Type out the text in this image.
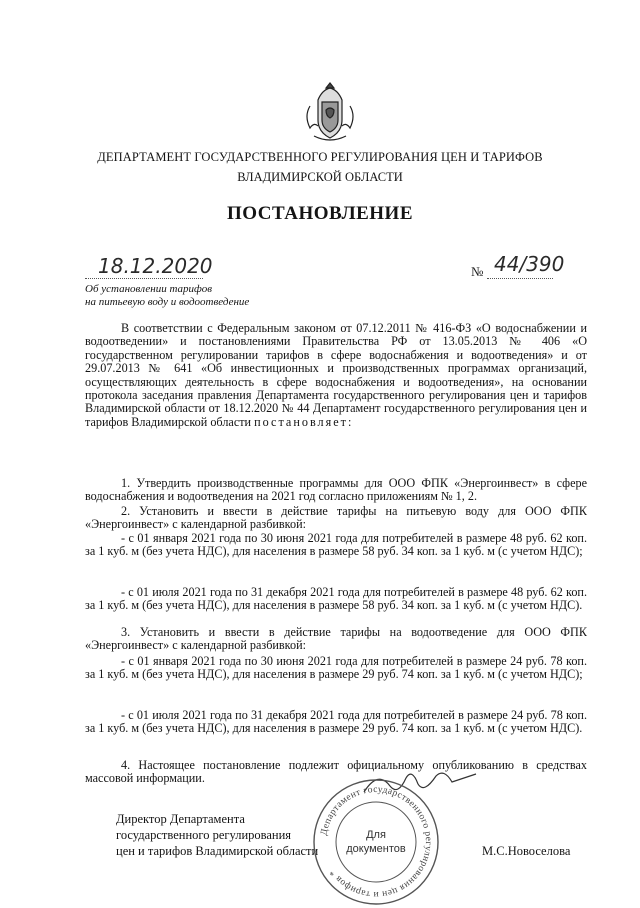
ДЕПАРТАМЕНТ ГОСУДАРСТВЕННОГО РЕГУЛИРОВАНИЯ ЦЕН И ТАРИФОВ
ВЛАДИМИРСКОЙ ОБЛАСТИ
ПОСТАНОВЛЕНИЕ
18.12.2020	№ 44/390
Об установлении тарифов
на питьевую воду и водоотведение
В соответствии с Федеральным законом от 07.12.2011 № 416-ФЗ «О водоснабжении и водоотведении» и постановлениями Правительства РФ от 13.05.2013 № 406 «О государственном регулировании тарифов в сфере водоснабжения и водоотведения» и от 29.07.2013 № 641 «Об инвестиционных и производственных программах организаций, осуществляющих деятельность в сфере водоснабжения и водоотведения», на основании протокола заседания правления Департамента государственного регулирования цен и тарифов Владимирской области от 18.12.2020 № 44 Департамент государственного регулирования цен и тарифов Владимирской области постановляет:
1. Утвердить производственные программы для ООО ФПК «Энергоинвест» в сфере водоснабжения и водоотведения на 2021 год согласно приложениям № 1, 2.
2. Установить и ввести в действие тарифы на питьевую воду для ООО ФПК «Энергоинвест» с календарной разбивкой:
- с 01 января 2021 года по 30 июня 2021 года для потребителей в размере 48 руб. 62 коп. за 1 куб. м (без учета НДС), для населения в размере 58 руб. 34 коп. за 1 куб. м (с учетом НДС);
- с 01 июля 2021 года по 31 декабря 2021 года для потребителей в размере 48 руб. 62 коп. за 1 куб. м (без учета НДС), для населения в размере 58 руб. 34 коп. за 1 куб. м (с учетом НДС).
3. Установить и ввести в действие тарифы на водоотведение для ООО ФПК «Энергоинвест» с календарной разбивкой:
- с 01 января 2021 года по 30 июня 2021 года для потребителей в размере 24 руб. 78 коп. за 1 куб. м (без учета НДС), для населения в размере 29 руб. 74 коп. за 1 куб. м (с учетом НДС);
- с 01 июля 2021 года по 31 декабря 2021 года для потребителей в размере 24 руб. 78 коп. за 1 куб. м (без учета НДС), для населения в размере 29 руб. 74 коп. за 1 куб. м (с учетом НДС).
4. Настоящее постановление подлежит официальному опубликованию в средствах массовой информации.
Директор Департамента
государственного регулирования
цен и тарифов Владимирской области	М.С.Новоселова
Департамент государственного регулирования цен и тарифов *
Для
документов
